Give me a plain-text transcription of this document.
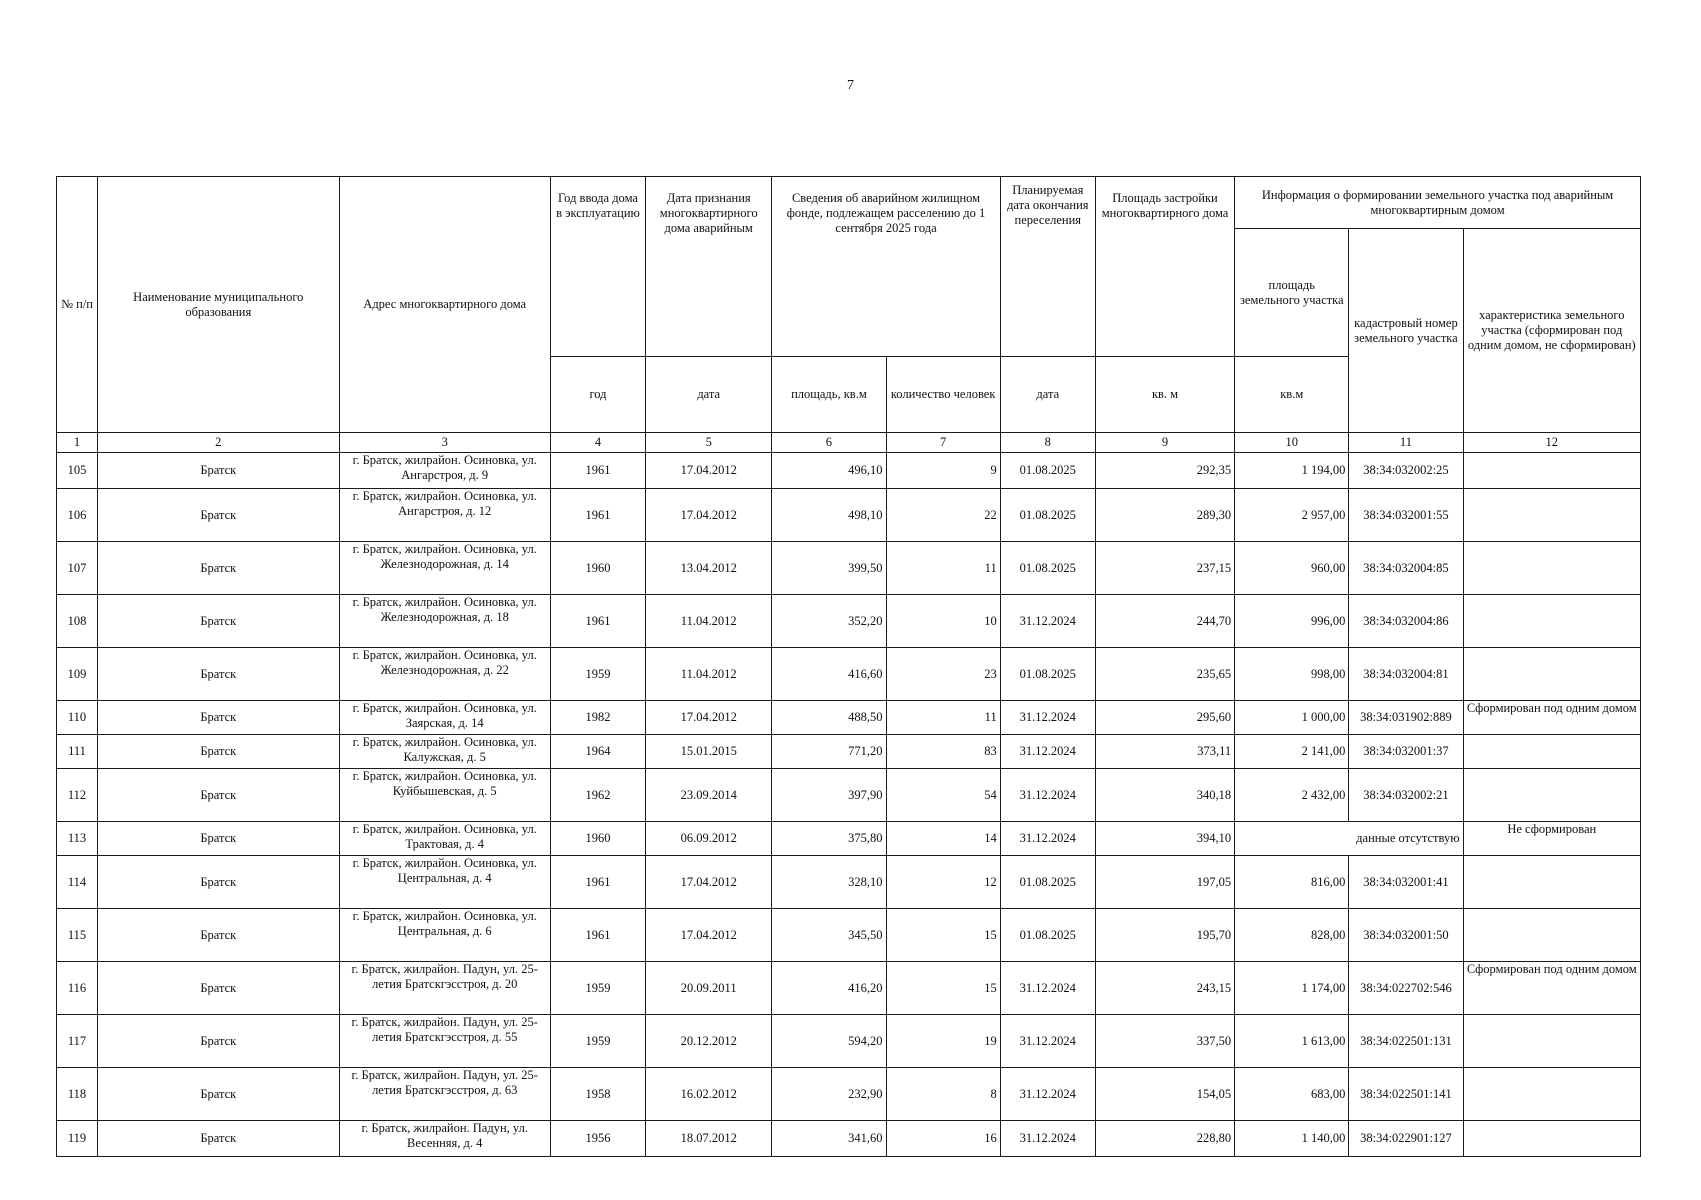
7
№ п/п	Наименование муниципального образования	Адрес многоквартирного дома	Год ввода дома в эксплуатацию	Дата признания многоквартирного дома аварийным	Сведения об аварийном жилищном фонде, подлежащем расселению до 1 сентября 2025 года		Планируемая дата окончания переселения	Площадь застройки многоквартирного дома	Информация о формировании земельного участка под аварийным многоквартирным домом		
									площадь земельного участка	кадастровый номер земельного участка	характеристика земельного участка (сформирован под одним домом, не сформирован)
			год	дата	площадь, кв.м	количество человек	дата	кв. м	кв.м		
1	2	3	4	5	6	7	8	9	10	11	12
105	Братск	г. Братск, жилрайон. Осиновка, ул. Ангарстроя, д. 9	1961	17.04.2012	496,10	9	01.08.2025	292,35	1 194,00	38:34:032002:25	
106	Братск	г. Братск, жилрайон. Осиновка, ул. Ангарстроя, д. 12	1961	17.04.2012	498,10	22	01.08.2025	289,30	2 957,00	38:34:032001:55	
107	Братск	г. Братск, жилрайон. Осиновка, ул. Железнодорожная, д. 14	1960	13.04.2012	399,50	11	01.08.2025	237,15	960,00	38:34:032004:85	
108	Братск	г. Братск, жилрайон. Осиновка, ул. Железнодорожная, д. 18	1961	11.04.2012	352,20	10	31.12.2024	244,70	996,00	38:34:032004:86	
109	Братск	г. Братск, жилрайон. Осиновка, ул. Железнодорожная, д. 22	1959	11.04.2012	416,60	23	01.08.2025	235,65	998,00	38:34:032004:81	
110	Братск	г. Братск, жилрайон. Осиновка, ул. Заярская, д. 14	1982	17.04.2012	488,50	11	31.12.2024	295,60	1 000,00	38:34:031902:889	Сформирован под одним домом
111	Братск	г. Братск, жилрайон. Осиновка, ул. Калужская, д. 5	1964	15.01.2015	771,20	83	31.12.2024	373,11	2 141,00	38:34:032001:37	
112	Братск	г. Братск, жилрайон. Осиновка, ул. Куйбышевская, д. 5	1962	23.09.2014	397,90	54	31.12.2024	340,18	2 432,00	38:34:032002:21	
113	Братск	г. Братск, жилрайон. Осиновка, ул. Трактовая, д. 4	1960	06.09.2012	375,80	14	31.12.2024	394,10	данные отсутствую		Не сформирован
114	Братск	г. Братск, жилрайон. Осиновка, ул. Центральная, д. 4	1961	17.04.2012	328,10	12	01.08.2025	197,05	816,00	38:34:032001:41	
115	Братск	г. Братск, жилрайон. Осиновка, ул. Центральная, д. 6	1961	17.04.2012	345,50	15	01.08.2025	195,70	828,00	38:34:032001:50	
116	Братск	г. Братск, жилрайон. Падун, ул. 25-летия Братскгэсстроя, д. 20	1959	20.09.2011	416,20	15	31.12.2024	243,15	1 174,00	38:34:022702:546	Сформирован под одним домом
117	Братск	г. Братск, жилрайон. Падун, ул. 25-летия Братскгэсстроя, д. 55	1959	20.12.2012	594,20	19	31.12.2024	337,50	1 613,00	38:34:022501:131	
118	Братск	г. Братск, жилрайон. Падун, ул. 25-летия Братскгэсстроя, д. 63	1958	16.02.2012	232,90	8	31.12.2024	154,05	683,00	38:34:022501:141	
119	Братск	г. Братск, жилрайон. Падун, ул. Весенняя, д. 4	1956	18.07.2012	341,60	16	31.12.2024	228,80	1 140,00	38:34:022901:127	
